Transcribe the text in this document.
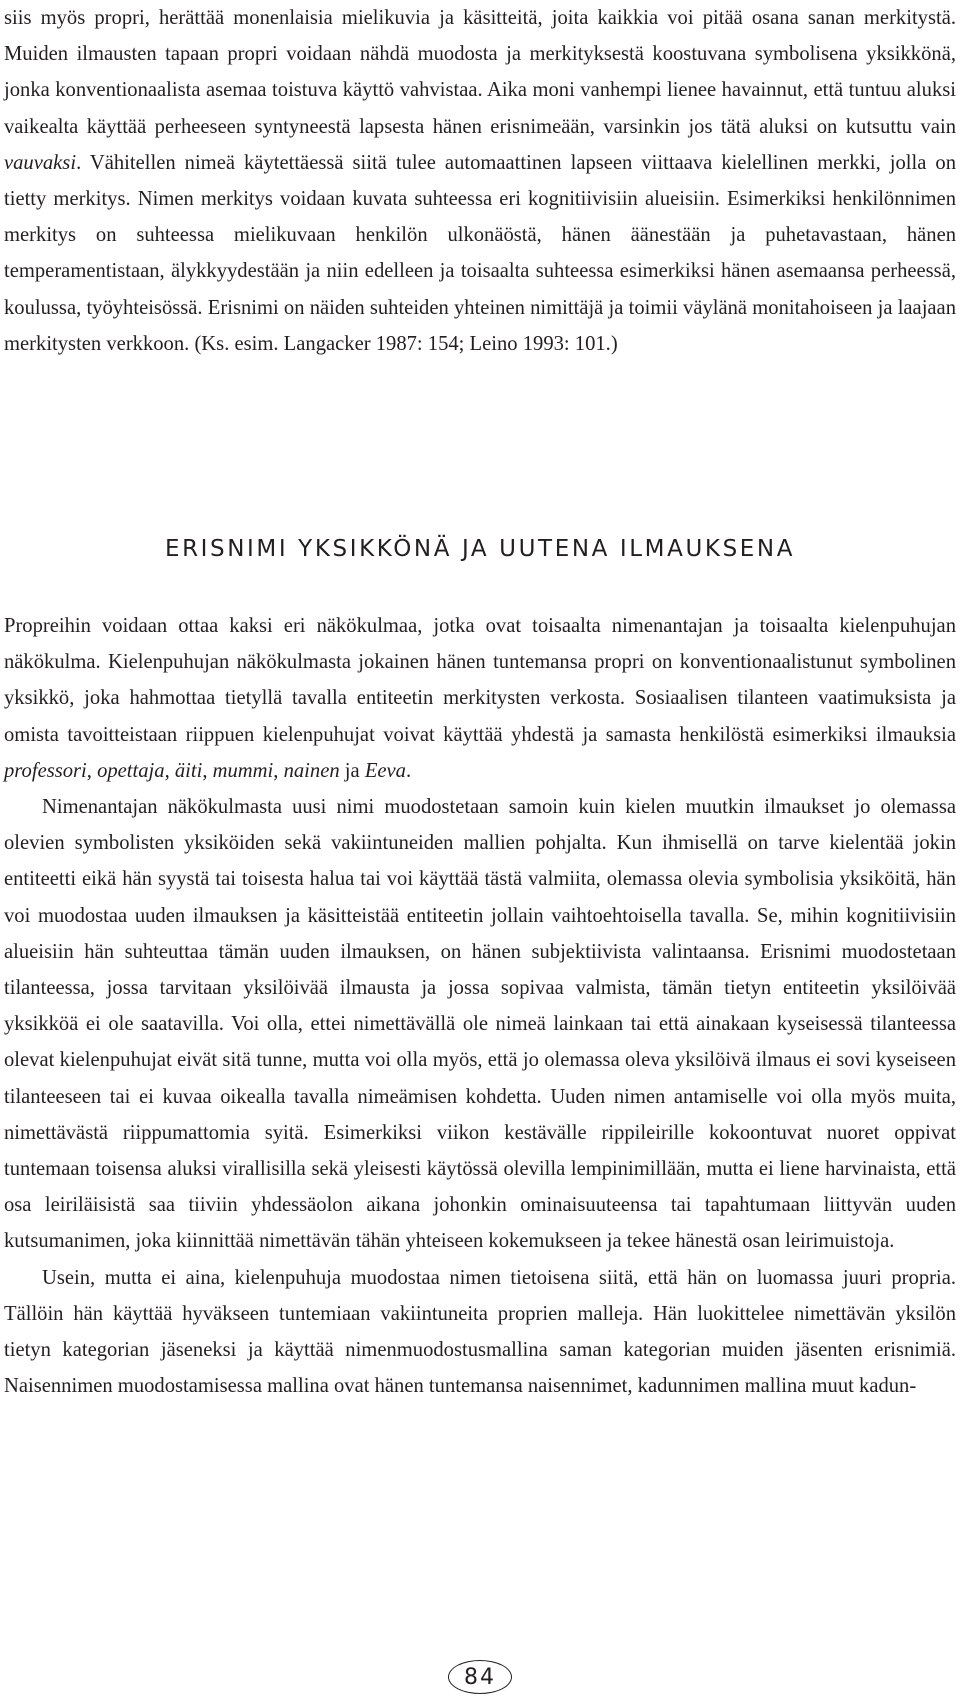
siis myös propri, herättää monenlaisia mielikuvia ja käsitteitä, joita kaikkia voi pitää osana sanan merkitystä. Muiden ilmausten tapaan propri voidaan nähdä muodosta ja merkityksestä koostuvana symbolisena yksikkönä, jonka konventionaalista asemaa toistuva käyttö vahvistaa. Aika moni vanhempi lienee havainnut, että tuntuu aluksi vaikealta käyttää perheeseen syntyneestä lapsesta hänen erisnimeään, varsinkin jos tätä aluksi on kutsuttu vain vauvaksi. Vähitellen nimeä käytettäessä siitä tulee automaattinen lapseen viittaava kielellinen merkki, jolla on tietty merkitys. Nimen merkitys voidaan kuvata suhteessa eri kognitiivisiin alueisiin. Esimerkiksi henkilönnimen merkitys on suhteessa mielikuvaan henkilön ulkonäöstä, hänen äänestään ja puhetavastaan, hänen temperamentistaan, älykkyydestään ja niin edelleen ja toisaalta suhteessa esimerkiksi hänen asemaansa perheessä, koulussa, työyhteisössä. Erisnimi on näiden suhteiden yhteinen nimittäjä ja toimii väylänä monitahoiseen ja laajaan merkitysten verkkoon. (Ks. esim. Langacker 1987: 154; Leino 1993: 101.)

ERISNIMI YKSIKKÖNÄ JA UUTENA ILMAUKSENA

Propreihin voidaan ottaa kaksi eri näkökulmaa, jotka ovat toisaalta nimenantajan ja toisaalta kielenpuhujan näkökulma. Kielenpuhujan näkökulmasta jokainen hänen tuntemansa propri on konventionaalistunut symbolinen yksikkö, joka hahmottaa tietyllä tavalla entiteetin merkitysten verkosta. Sosiaalisen tilanteen vaatimuksista ja omista tavoitteistaan riippuen kielenpuhujat voivat käyttää yhdestä ja samasta henkilöstä esimerkiksi ilmauksia professori, opettaja, äiti, mummi, nainen ja Eeva.

Nimenantajan näkökulmasta uusi nimi muodostetaan samoin kuin kielen muutkin ilmaukset jo olemassa olevien symbolisten yksiköiden sekä vakiintuneiden mallien pohjalta. Kun ihmisellä on tarve kielentää jokin entiteetti eikä hän syystä tai toisesta halua tai voi käyttää tästä valmiita, olemassa olevia symbolisia yksiköitä, hän voi muodostaa uuden ilmauksen ja käsitteistää entiteetin jollain vaihtoehtoisella tavalla. Se, mihin kognitiivisiin alueisiin hän suhteuttaa tämän uuden ilmauksen, on hänen subjektiivista valintaansa. Erisnimi muodostetaan tilanteessa, jossa tarvitaan yksilöivää ilmausta ja jossa sopivaa valmista, tämän tietyn entiteetin yksilöivää yksikköä ei ole saatavilla. Voi olla, ettei nimettävällä ole nimeä lainkaan tai että ainakaan kyseisessä tilanteessa olevat kielenpuhujat eivät sitä tunne, mutta voi olla myös, että jo olemassa oleva yksilöivä ilmaus ei sovi kyseiseen tilanteeseen tai ei kuvaa oikealla tavalla nimeämisen kohdetta. Uuden nimen antamiselle voi olla myös muita, nimettävästä riippumattomia syitä. Esimerkiksi viikon kestävälle rippileirille kokoontuvat nuoret oppivat tuntemaan toisensa aluksi virallisilla sekä yleisesti käytössä olevilla lempinimillään, mutta ei liene harvinaista, että osa leiriläisistä saa tiiviin yhdessäolon aikana johonkin ominaisuuteensa tai tapahtumaan liittyvän uuden kutsumanimen, joka kiinnittää nimettävän tähän yhteiseen kokemukseen ja tekee hänestä osan leirimuistoja.

Usein, mutta ei aina, kielenpuhuja muodostaa nimen tietoisena siitä, että hän on luomassa juuri propria. Tällöin hän käyttää hyväkseen tuntemiaan vakiintuneita proprien malleja. Hän luokittelee nimettävän yksilön tietyn kategorian jäseneksi ja käyttää nimenmuodostusmallina saman kategorian muiden jäsenten erisnimiä. Naisennimen muodostamisessa mallina ovat hänen tuntemansa naisennimet, kadunnimen mallina muut kadun-

84
